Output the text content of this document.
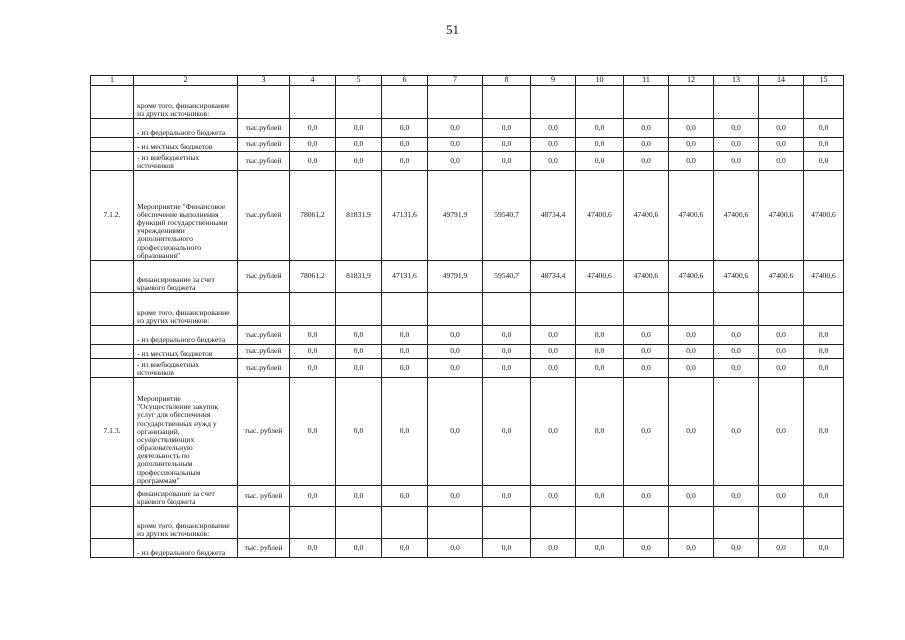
51
1	2	3	4	5	6	7	8	9	10	11	12	13	14	15
	кроме того, финансирование из других источников:													
	- из федерального бюджета	тыс.рублей	0,0	0,0	0,0	0,0	0,0	0,0	0,0	0,0	0,0	0,0	0,0	0,0
	- из местных бюджетов	тыс.рублей	0,0	0,0	0,0	0,0	0,0	0,0	0,0	0,0	0,0	0,0	0,0	0,0
	- из внебюджетных источников	тыс.рублей	0,0	0,0	0,0	0,0	0,0	0,0	0,0	0,0	0,0	0,0	0,0	0,0
7.1.2.	Мероприятие "Финансовое обеспечение выполнения функций государственными учреждениями дополнительного профессионального образования"	тыс.рублей	78061,2	81831,9	47131,6	49791,9	59540,7	48734,4	47400,6	47400,6	47400,6	47400,6	47400,6	47400,6
	финансирование за счет краевого бюджета	тыс.рублей	78061,2	81831,9	47131,6	49791,9	59540,7	48734,4	47400,6	47400,6	47400,6	47400,6	47400,6	47400,6
	кроме того, финансирование из других источников:													
	- из федерального бюджета	тыс.рублей	0,0	0,0	0,0	0,0	0,0	0,0	0,0	0,0	0,0	0,0	0,0	0,0
	- из местных бюджетов	тыс.рублей	0,0	0,0	0,0	0,0	0,0	0,0	0,0	0,0	0,0	0,0	0,0	0,0
	- из внебюджетных источников	тыс.рублей	0,0	0,0	0,0	0,0	0,0	0,0	0,0	0,0	0,0	0,0	0,0	0,0
7.1.3.	Мероприятие "Осуществление закупок услуг для обеспечения государственных нужд у организаций, осуществляющих образовательную деятельность по дополнительным профессиональным программам"	тыс. рублей	0,0	0,0	0,0	0,0	0,0	0,0	0,0	0,0	0,0	0,0	0,0	0,0
	финансирование за счет краевого бюджета	тыс. рублей	0,0	0,0	0,0	0,0	0,0	0,0	0,0	0,0	0,0	0,0	0,0	0,0
	кроме того, финансирование из других источников:													
	- из федерального бюджета	тыс. рублей	0,0	0,0	0,0	0,0	0,0	0,0	0,0	0,0	0,0	0,0	0,0	0,0
